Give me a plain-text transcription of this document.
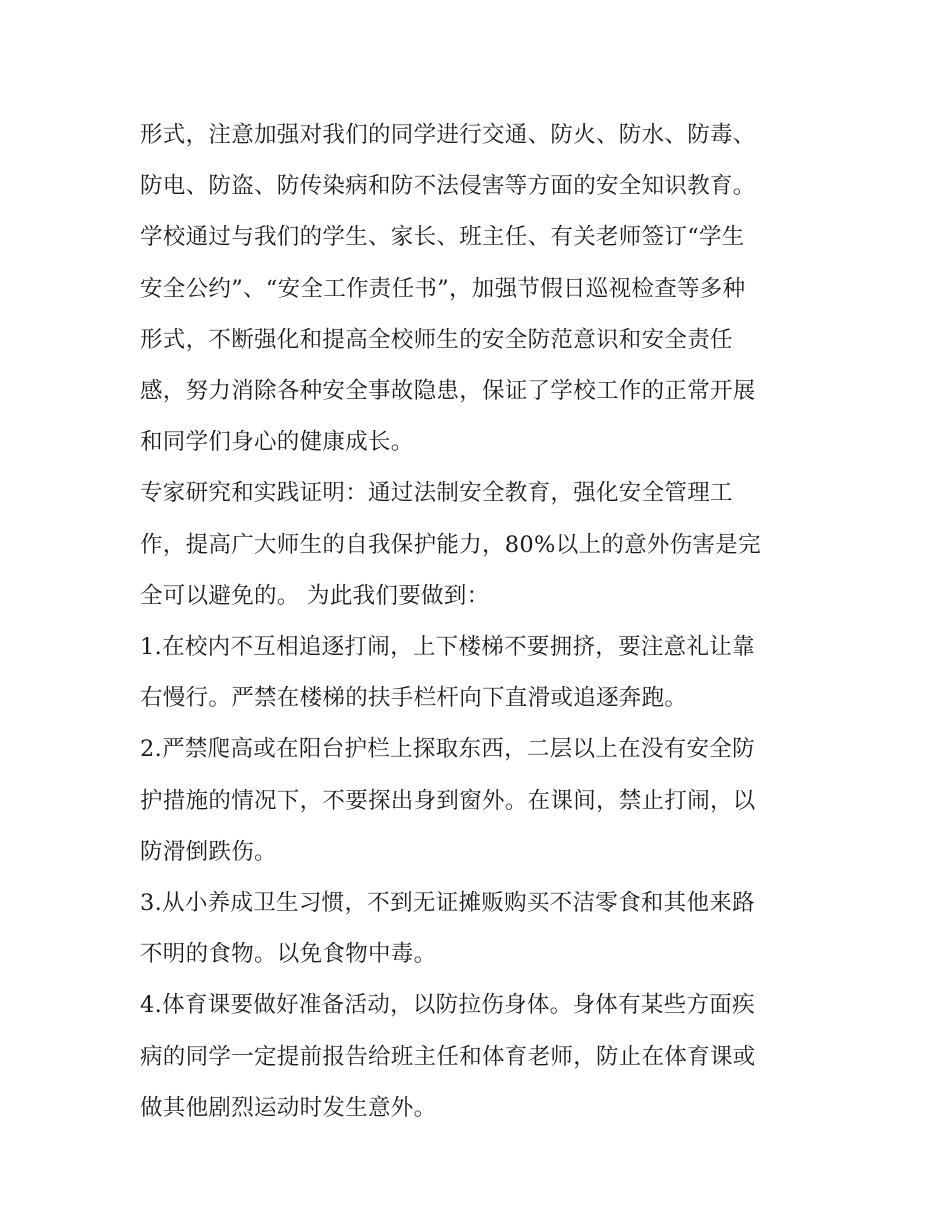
形式，注意加强对我们的同学进行交通、防火、防水、防毒、
防电、防盗、防传染病和防不法侵害等方面的安全知识教育。
学校通过与我们的学生、家长、班主任、有关老师签订“学生
安全公约”、“安全工作责任书”，加强节假日巡视检查等多种
形式，不断强化和提高全校师生的安全防范意识和安全责任
感，努力消除各种安全事故隐患，保证了学校工作的正常开展
和同学们身心的健康成长。

专家研究和实践证明：通过法制安全教育，强化安全管理工
作，提高广大师生的自我保护能力，80%以上的意外伤害是完
全可以避免的。 为此我们要做到：

1.在校内不互相追逐打闹，上下楼梯不要拥挤，要注意礼让靠
右慢行。严禁在楼梯的扶手栏杆向下直滑或追逐奔跑。

2.严禁爬高或在阳台护栏上探取东西，二层以上在没有安全防
护措施的情况下，不要探出身到窗外。在课间，禁止打闹，以
防滑倒跌伤。

3.从小养成卫生习惯，不到无证摊贩购买不洁零食和其他来路
不明的食物。以免食物中毒。

4.体育课要做好准备活动，以防拉伤身体。身体有某些方面疾
病的同学一定提前报告给班主任和体育老师，防止在体育课或
做其他剧烈运动时发生意外。
